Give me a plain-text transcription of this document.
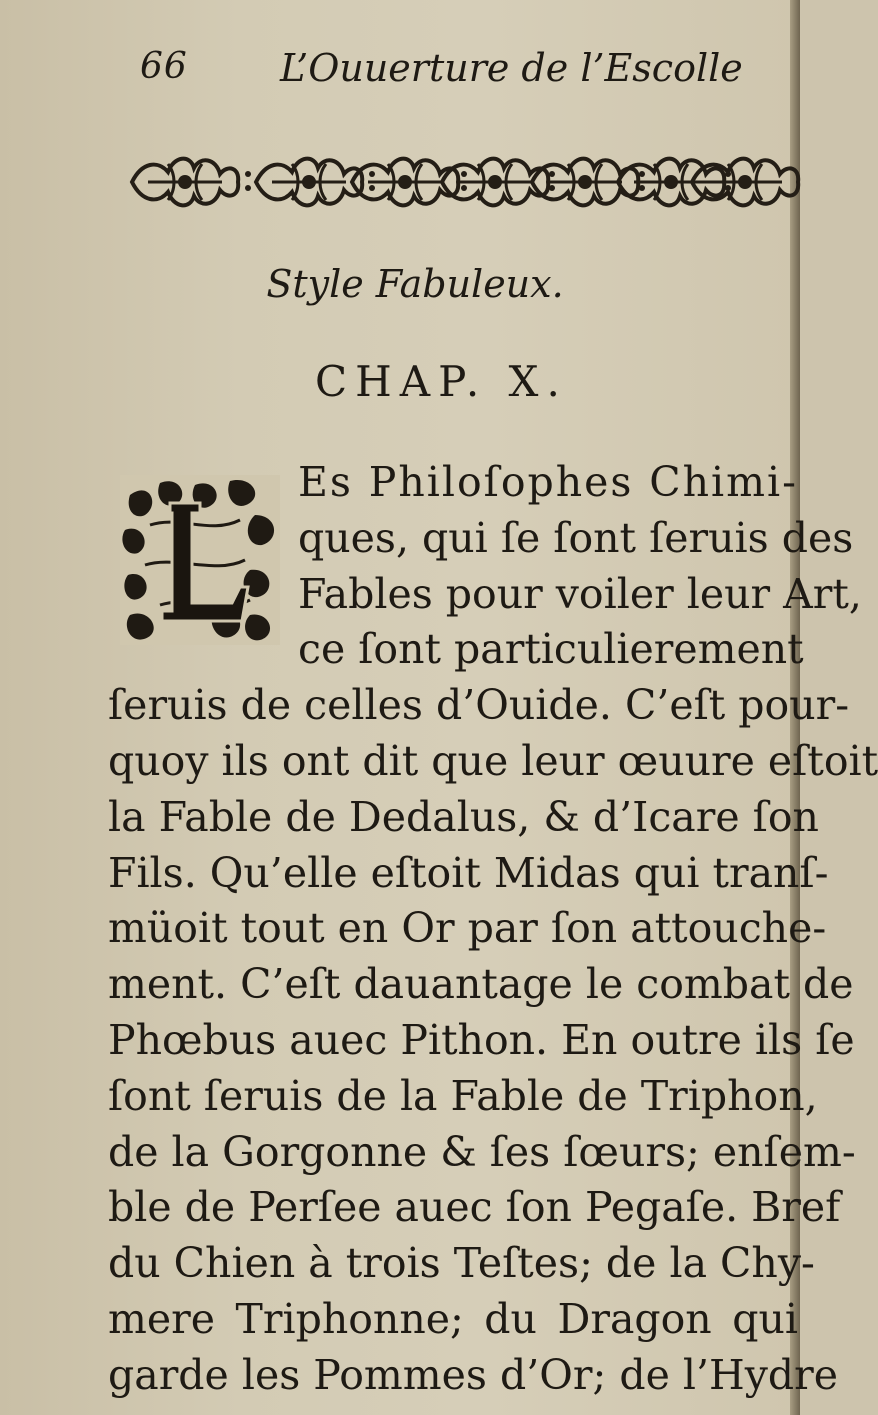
66 L’Ouuerture de l’Escolle
Style Fabuleux.
CHAP. X.
Es Philoſophes Chimi-
ques, qui ſe ſont ſeruis des
Fables pour voiler leur Art,
ce ſont particulierement
ſeruis de celles d’Ouide. C’eſt pour-
quoy ils ont dit que leur œuure eſtoit
la Fable de Dedalus, & d’Icare ſon
Fils. Qu’elle eſtoit Midas qui tranſ-
müoit tout en Or par ſon attouche-
ment. C’eſt dauantage le combat de
Phœbus auec Pithon. En outre ils ſe
ſont ſeruis de la Fable de Triphon,
de la Gorgonne & ſes ſœurs; enſem-
ble de Perſee auec ſon Pegaſe. Bref
du Chien à trois Teſtes; de la Chy-
mere Triphonne; du Dragon qui
garde les Pommes d’Or; de l’Hydre
